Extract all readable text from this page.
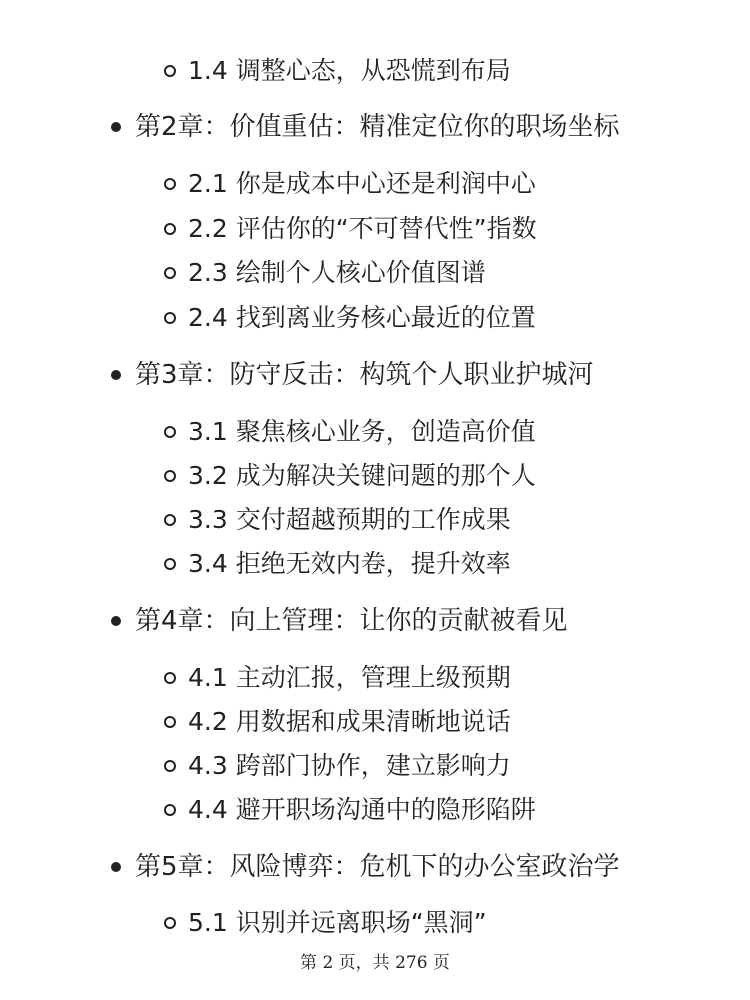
1.4 调整心态，从恐慌到布局
第2章：价值重估：精准定位你的职场坐标
2.1 你是成本中心还是利润中心
2.2 评估你的“不可替代性”指数
2.3 绘制个人核心价值图谱
2.4 找到离业务核心最近的位置
第3章：防守反击：构筑个人职业护城河
3.1 聚焦核心业务，创造高价值
3.2 成为解决关键问题的那个人
3.3 交付超越预期的工作成果
3.4 拒绝无效内卷，提升效率
第4章：向上管理：让你的贡献被看见
4.1 主动汇报，管理上级预期
4.2 用数据和成果清晰地说话
4.3 跨部门协作，建立影响力
4.4 避开职场沟通中的隐形陷阱
第5章：风险博弈：危机下的办公室政治学
5.1 识别并远离职场“黑洞”
第 2 页，共 276 页
